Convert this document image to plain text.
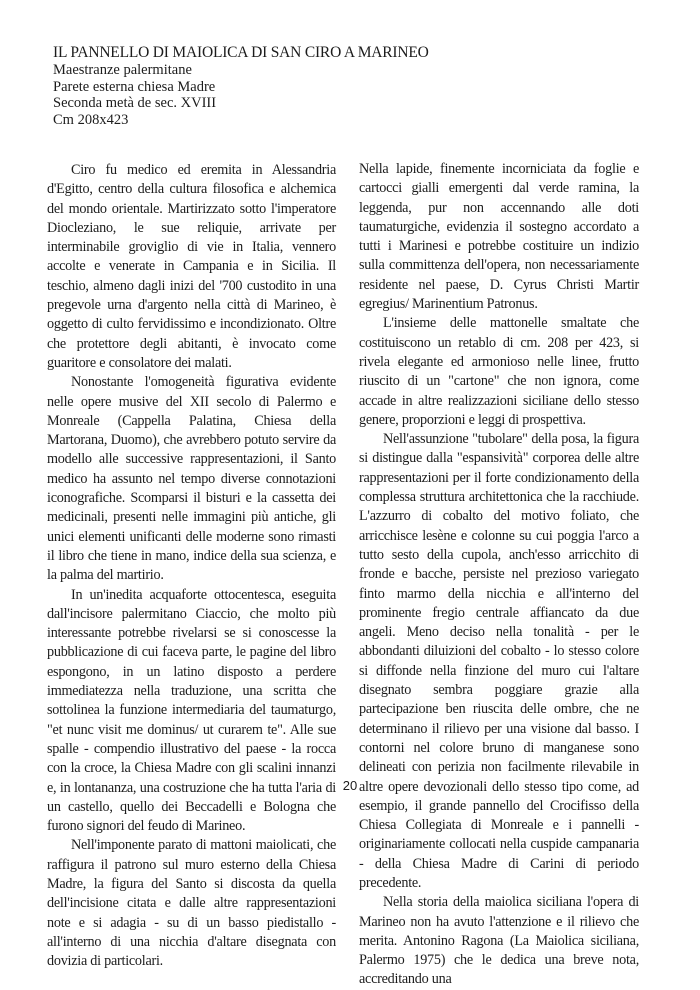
IL PANNELLO DI MAIOLICA DI SAN CIRO A MARINEO
Maestranze palermitane
Parete esterna chiesa Madre
Seconda metà de sec. XVIII
Cm 208x423

Ciro fu medico ed eremita in Alessandria d'Egitto, centro della cultura filosofica e alchemica del mondo orientale. Martirizzato sotto l'imperatore Diocleziano, le sue reliquie, arrivate per interminabile groviglio di vie in Italia, vennero accolte e venerate in Campania e in Sicilia. Il teschio, almeno dagli inizi del '700 custodito in una pregevole urna d'argento nella città di Marineo, è oggetto di culto fervidissimo e incondizionato. Oltre che protettore degli abitanti, è invocato come guaritore e consolatore dei malati.

Nonostante l'omogeneità figurativa evidente nelle opere musive del XII secolo di Palermo e Monreale (Cappella Palatina, Chiesa della Martorana, Duomo), che avrebbero potuto servire da modello alle successive rappresentazioni, il Santo medico ha assunto nel tempo diverse connotazioni iconografiche. Scomparsi il bisturi e la cassetta dei medicinali, presenti nelle immagini più antiche, gli unici elementi unificanti delle moderne sono rimasti il libro che tiene in mano, indice della sua scienza, e la palma del martirio.

In un'inedita acquaforte ottocentesca, eseguita dall'incisore palermitano Ciaccio, che molto più interessante potrebbe rivelarsi se si conoscesse la pubblicazione di cui faceva parte, le pagine del libro espongono, in un latino disposto a perdere immediatezza nella traduzione, una scritta che sottolinea la funzione intermediaria del taumaturgo, "et nunc visit me dominus/ ut curarem te". Alle sue spalle - compendio illustrativo del paese - la rocca con la croce, la Chiesa Madre con gli scalini innanzi e, in lontananza, una costruzione che ha tutta l'aria di un castello, quello dei Beccadelli e Bologna che furono signori del feudo di Marineo.

Nell'imponente parato di mattoni maiolicati, che raffigura il patrono sul muro esterno della Chiesa Madre, la figura del Santo si discosta da quella dell'incisione citata e dalle altre rappresentazioni note e si adagia - su di un basso piedistallo - all'interno di una nicchia d'altare disegnata con dovizia di particolari.

Nella lapide, finemente incorniciata da foglie e cartocci gialli emergenti dal verde ramina, la leggenda, pur non accennando alle doti taumaturgiche, evidenzia il sostegno accordato a tutti i Marinesi e potrebbe costituire un indizio sulla committenza dell'opera, non necessariamente residente nel paese, D. Cyrus Christi Martir egregius/ Marinentium Patronus.

L'insieme delle mattonelle smaltate che costituiscono un retablo di cm. 208 per 423, si rivela elegante ed armonioso nelle linee, frutto riuscito di un "cartone" che non ignora, come accade in altre realizzazioni siciliane dello stesso genere, proporzioni e leggi di prospettiva.

Nell'assunzione "tubolare" della posa, la figura si distingue dalla "espansività" corporea delle altre rappresentazioni per il forte condizionamento della complessa struttura architettonica che la racchiude. L'azzurro di cobalto del motivo foliato, che arricchisce lesène e colonne su cui poggia l'arco a tutto sesto della cupola, anch'esso arricchito di fronde e bacche, persiste nel prezioso variegato finto marmo della nicchia e all'interno del prominente fregio centrale affiancato da due angeli. Meno deciso nella tonalità - per le abbondanti diluizioni del cobalto - lo stesso colore si diffonde nella finzione del muro cui l'altare disegnato sembra poggiare grazie alla partecipazione ben riuscita delle ombre, che ne determinano il rilievo per una visione dal basso. I contorni nel colore bruno di manganese sono delineati con perizia non facilmente rilevabile in altre opere devozionali dello stesso tipo come, ad esempio, il grande pannello del Crocifisso della Chiesa Collegiata di Monreale e i pannelli - originariamente collocati nella cuspide campanaria - della Chiesa Madre di Carini di periodo precedente.

Nella storia della maiolica siciliana l'opera di Marineo non ha avuto l'attenzione e il rilievo che merita. Antonino Ragona (La Maiolica siciliana, Palermo 1975) che le dedica una breve nota, accreditando una

20
